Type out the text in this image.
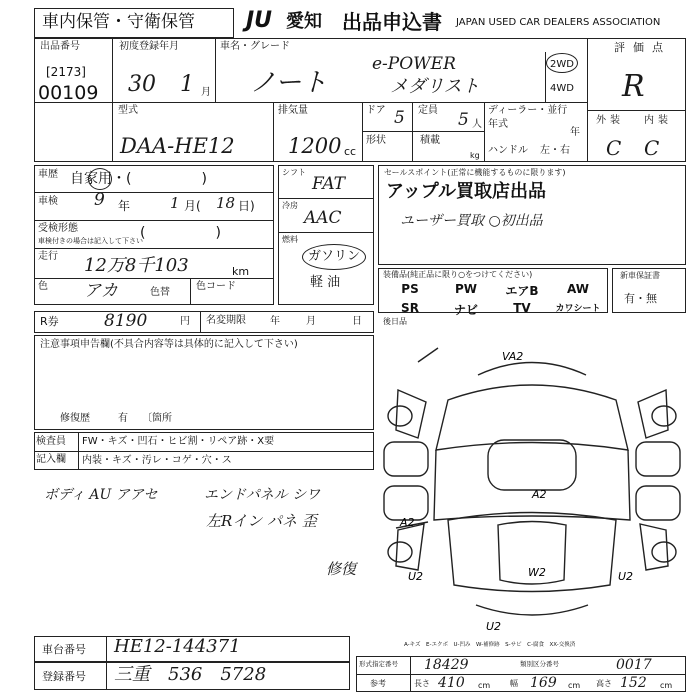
車内保管・守衛保管 JU 愛知 出品申込書 JAPAN USED CAR DEALERS ASSOCIATION
出品番号
[2173]
00109
初度登録年月
30 1 月
車名・グレード
ノート
e-POWER
メダリスト
2WD
4WD
評価点
R
外装 内装
C C
型式
DAA-HE12
排気量
1200 cc
ドア 5 定員 5 人
形状	積載
kg
ディーラー・並行
年式
年
ハンドル 左・右
車歴 自家用・(　　　　　)
車検 9 年	1 月( 18 日)
受検形態
車検付きの場合は記入して下さい
(　　　　　)
走行 12万8千103	km
色 アカ	色替
色コード
シフト
FAT
冷房
AAC
燃料
ガソリン
軽 油
セールスポイント(正常に機能するものに限ります)
アップル買取店出品
ユーザー買取 ○初出品
装備品(純正品に限り○をつけてください)
PS	PW	エアB	AW
SR	ナビ	TV	カワシート
新車保証書
有・無
R券	8190	円 名変期限 年	月	日	後日品
注意事項申告欄(不具合内容等は具体的に記入して下さい)
修復歴	有 〔箇所
検査員
記入欄
FW・キズ・凹石・ヒビ割・リペア跡・X要
内装・キズ・汚レ・コゲ・穴・ス
ボディ AU アアセ	エンドパネル シワ
左Rイン パネ 歪
修復
VA2
A2
A2
U2	W2	U2
U2
A-キズ　E-エクボ　U-凹み　W-補修跡　S-サビ　C-腐食　XX-交換済
車台番号 HE12-144371
登録番号 三重　536　5728	形式指定番号 18429	類別区分番号	0017
参考	長さ 410 cm 幅 169 cm 高さ 152 cm
